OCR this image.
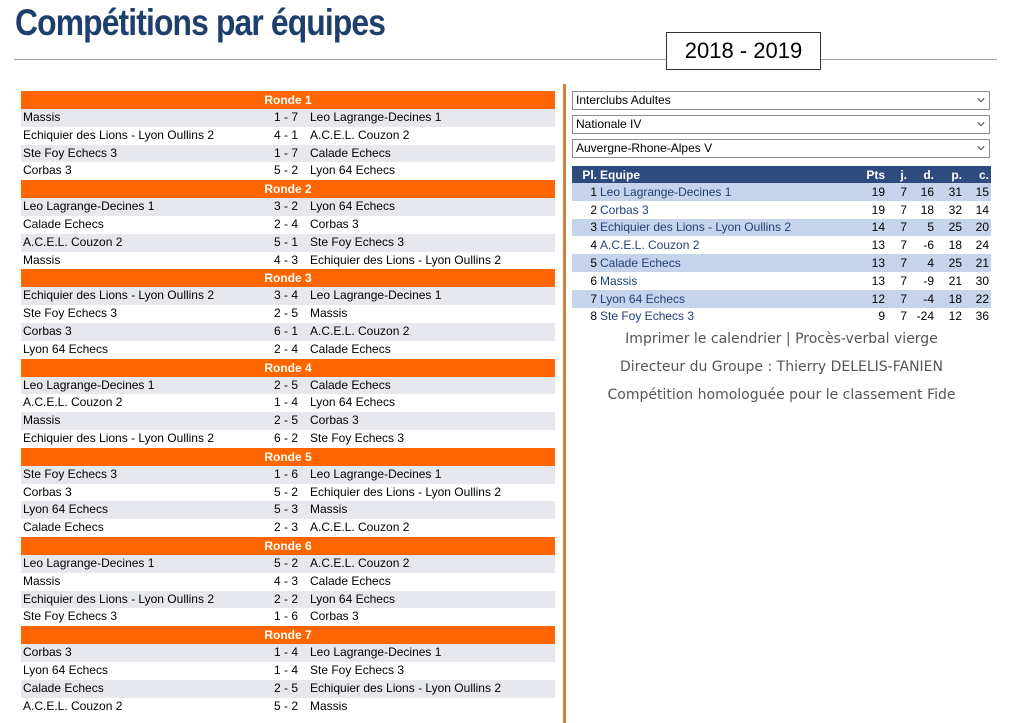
Compétitions par équipes
2018 - 2019
Ronde 1
Massis	1 - 7 Leo Lagrange-Decines 1
Echiquier des Lions - Lyon Oullins 2	4 - 1 A.C.E.L. Couzon 2
Ste Foy Echecs 3	1 - 7 Calade Echecs
Corbas 3	5 - 2 Lyon 64 Echecs
Ronde 2
Leo Lagrange-Decines 1	3 - 2 Lyon 64 Echecs
Calade Echecs	2 - 4 Corbas 3
A.C.E.L. Couzon 2	5 - 1 Ste Foy Echecs 3
Massis	4 - 3 Echiquier des Lions - Lyon Oullins 2
Ronde 3
Echiquier des Lions - Lyon Oullins 2	3 - 4 Leo Lagrange-Decines 1
Ste Foy Echecs 3	2 - 5 Massis
Corbas 3	6 - 1 A.C.E.L. Couzon 2
Lyon 64 Echecs	2 - 4 Calade Echecs
Ronde 4
Leo Lagrange-Decines 1	2 - 5 Calade Echecs
A.C.E.L. Couzon 2	1 - 4 Lyon 64 Echecs
Massis	2 - 5 Corbas 3
Echiquier des Lions - Lyon Oullins 2	6 - 2 Ste Foy Echecs 3
Ronde 5
Ste Foy Echecs 3	1 - 6 Leo Lagrange-Decines 1
Corbas 3	5 - 2 Echiquier des Lions - Lyon Oullins 2
Lyon 64 Echecs	5 - 3 Massis
Calade Echecs	2 - 3 A.C.E.L. Couzon 2
Ronde 6
Leo Lagrange-Decines 1	5 - 2 A.C.E.L. Couzon 2
Massis	4 - 3 Calade Echecs
Echiquier des Lions - Lyon Oullins 2	2 - 2 Lyon 64 Echecs
Ste Foy Echecs 3	1 - 6 Corbas 3
Ronde 7
Corbas 3	1 - 4 Leo Lagrange-Decines 1
Lyon 64 Echecs	1 - 4 Ste Foy Echecs 3
Calade Echecs	2 - 5 Echiquier des Lions - Lyon Oullins 2
A.C.E.L. Couzon 2	5 - 2 Massis
Interclubs Adultes
Nationale IV
Auvergne-Rhone-Alpes V
Pl.	Equipe	Pts	j.	d.	p.	c.
1	Leo Lagrange-Decines 1	19	7	16	31	15
2	Corbas 3	19	7	18	32	14
3	Echiquier des Lions - Lyon Oullins 2	14	7	5	25	20
4	A.C.E.L. Couzon 2	13	7	-6	18	24
5	Calade Echecs	13	7	4	25	21
6	Massis	13	7	-9	21	30
7	Lyon 64 Echecs	12	7	-4	18	22
8	Ste Foy Echecs 3	9	7	-24	12	36
Imprimer le calendrier | Procès-verbal vierge
Directeur du Groupe : Thierry DELELIS-FANIEN
Compétition homologuée pour le classement Fide
